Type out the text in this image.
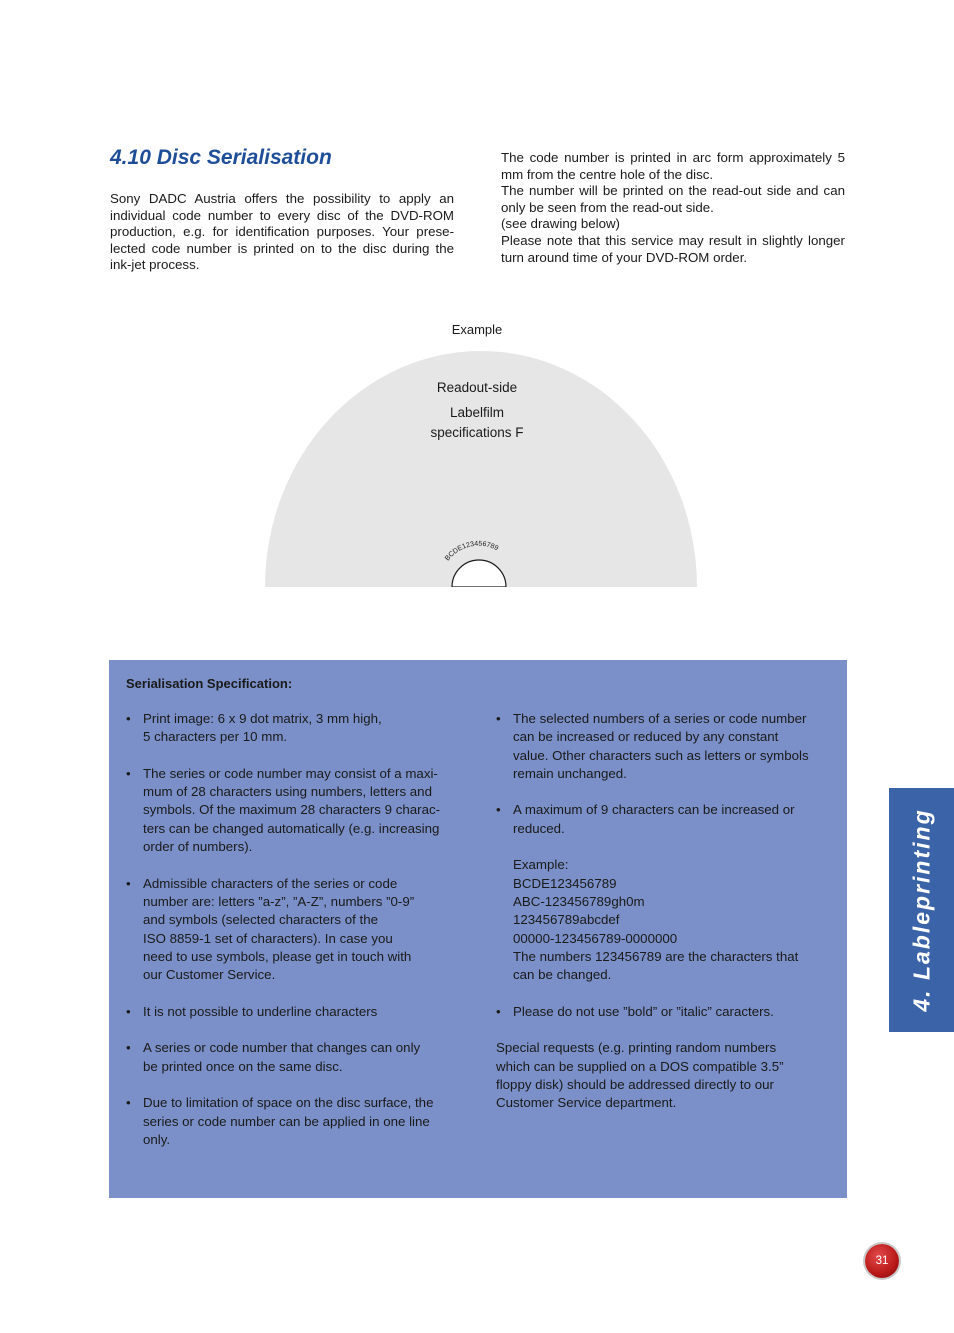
4.10 Disc Serialisation

Sony DADC Austria offers the possibility to apply an individual code number to every disc of the DVD-ROM production, e.g. for identification purposes. Your prese-lected code number is printed on to the disc during the ink-jet process.

The code number is printed in arc form approximately 5 mm from the centre hole of the disc.

The number will be printed on the read-out side and can only be seen from the read-out side.

(see drawing below)

Please note that this service may result in slightly longer turn around time of your DVD-ROM order.

Example

BCDE123456789

Readout-side

Labelfilm

specifications F

Serialisation Specification:

• Print image: 6 x 9 dot matrix, 3 mm high,
5 characters per 10 mm.
• The series or code number may consist of a maxi-
mum of 28 characters using numbers, letters and
symbols. Of the maximum 28 characters 9 charac-
ters can be changed automatically (e.g. increasing
order of numbers).
• Admissible characters of the series or code
number are: letters ”a-z”, ”A-Z”, numbers ”0-9”
and symbols (selected characters of the
ISO 8859-1 set of characters). In case you
need to use symbols, please get in touch with
our Customer Service.
• It is not possible to underline characters
• A series or code number that changes can only
be printed once on the same disc.
• Due to limitation of space on the disc surface, the
series or code number can be applied in one line
only.
• The selected numbers of a series or code number
can be increased or reduced by any constant
value. Other characters such as letters or symbols
remain unchanged.
• A maximum of 9 characters can be increased or
reduced.

Example:
BCDE123456789
ABC-123456789gh0m
123456789abcdef
00000-123456789-0000000
The numbers 123456789 are the characters that
can be changed.
• Please do not use ”bold” or ”italic” caracters.
Special requests (e.g. printing random numbers
which can be supplied on a DOS compatible 3.5”
floppy disk) should be addressed directly to our
Customer Service department.
4. Lableprinting
31
